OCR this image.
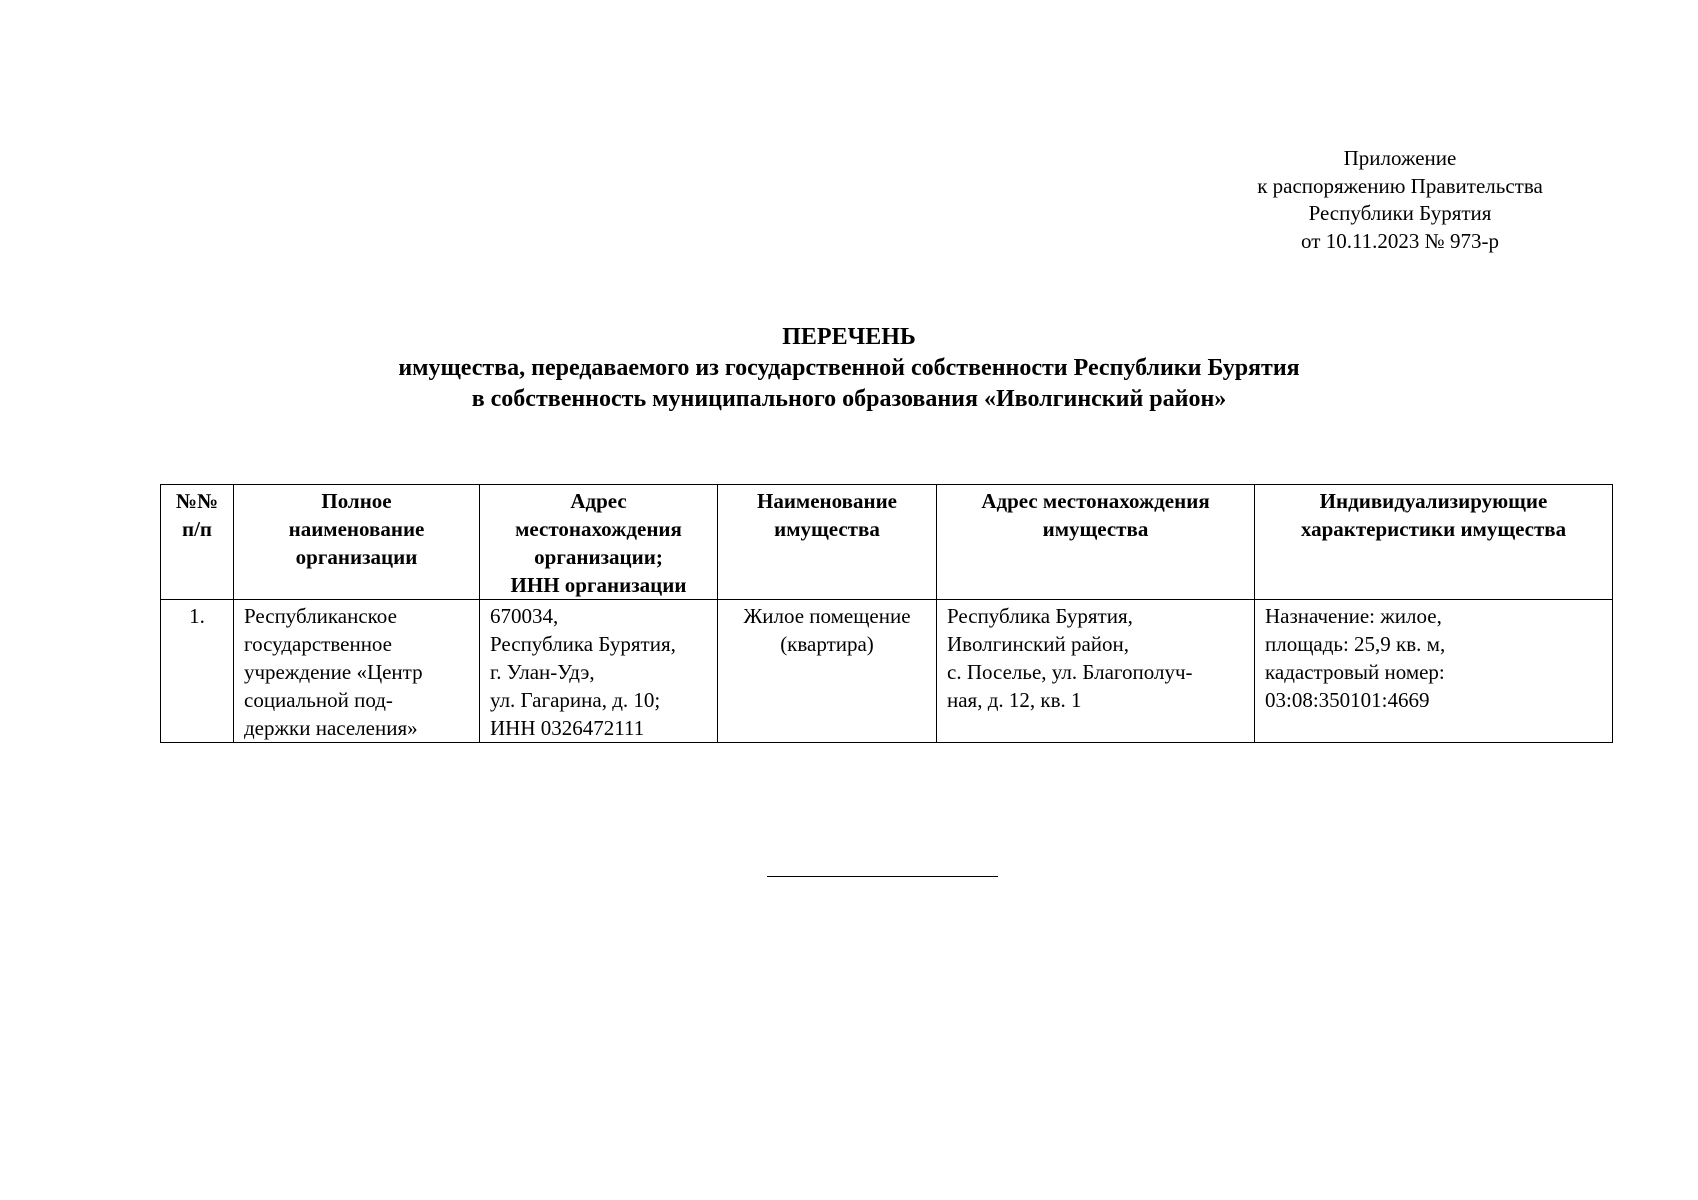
Приложение
к распоряжению Правительства
Республики Бурятия
от 10.11.2023 № 973-р
ПЕРЕЧЕНЬ
имущества, передаваемого из государственной собственности Республики Бурятия
в собственность муниципального образования «Иволгинский район»
№№
п/п	Полное
наименование
организации	Адрес
местонахождения
организации;
ИНН организации	Наименование
имущества	Адрес местонахождения
имущества	Индивидуализирующие
характеристики имущества

1.	Республиканское
государственное
учреждение «Центр
социальной под-
держки населения»	670034,
Республика Бурятия,
г. Улан-Удэ,
ул. Гагарина, д. 10;
ИНН 0326472111	Жилое помещение
(квартира)	Республика Бурятия,
Иволгинский район,
с. Поселье, ул. Благополуч-
ная, д. 12, кв. 1	Назначение: жилое,
площадь: 25,9 кв. м,
кадастровый номер:
03:08:350101:4669
